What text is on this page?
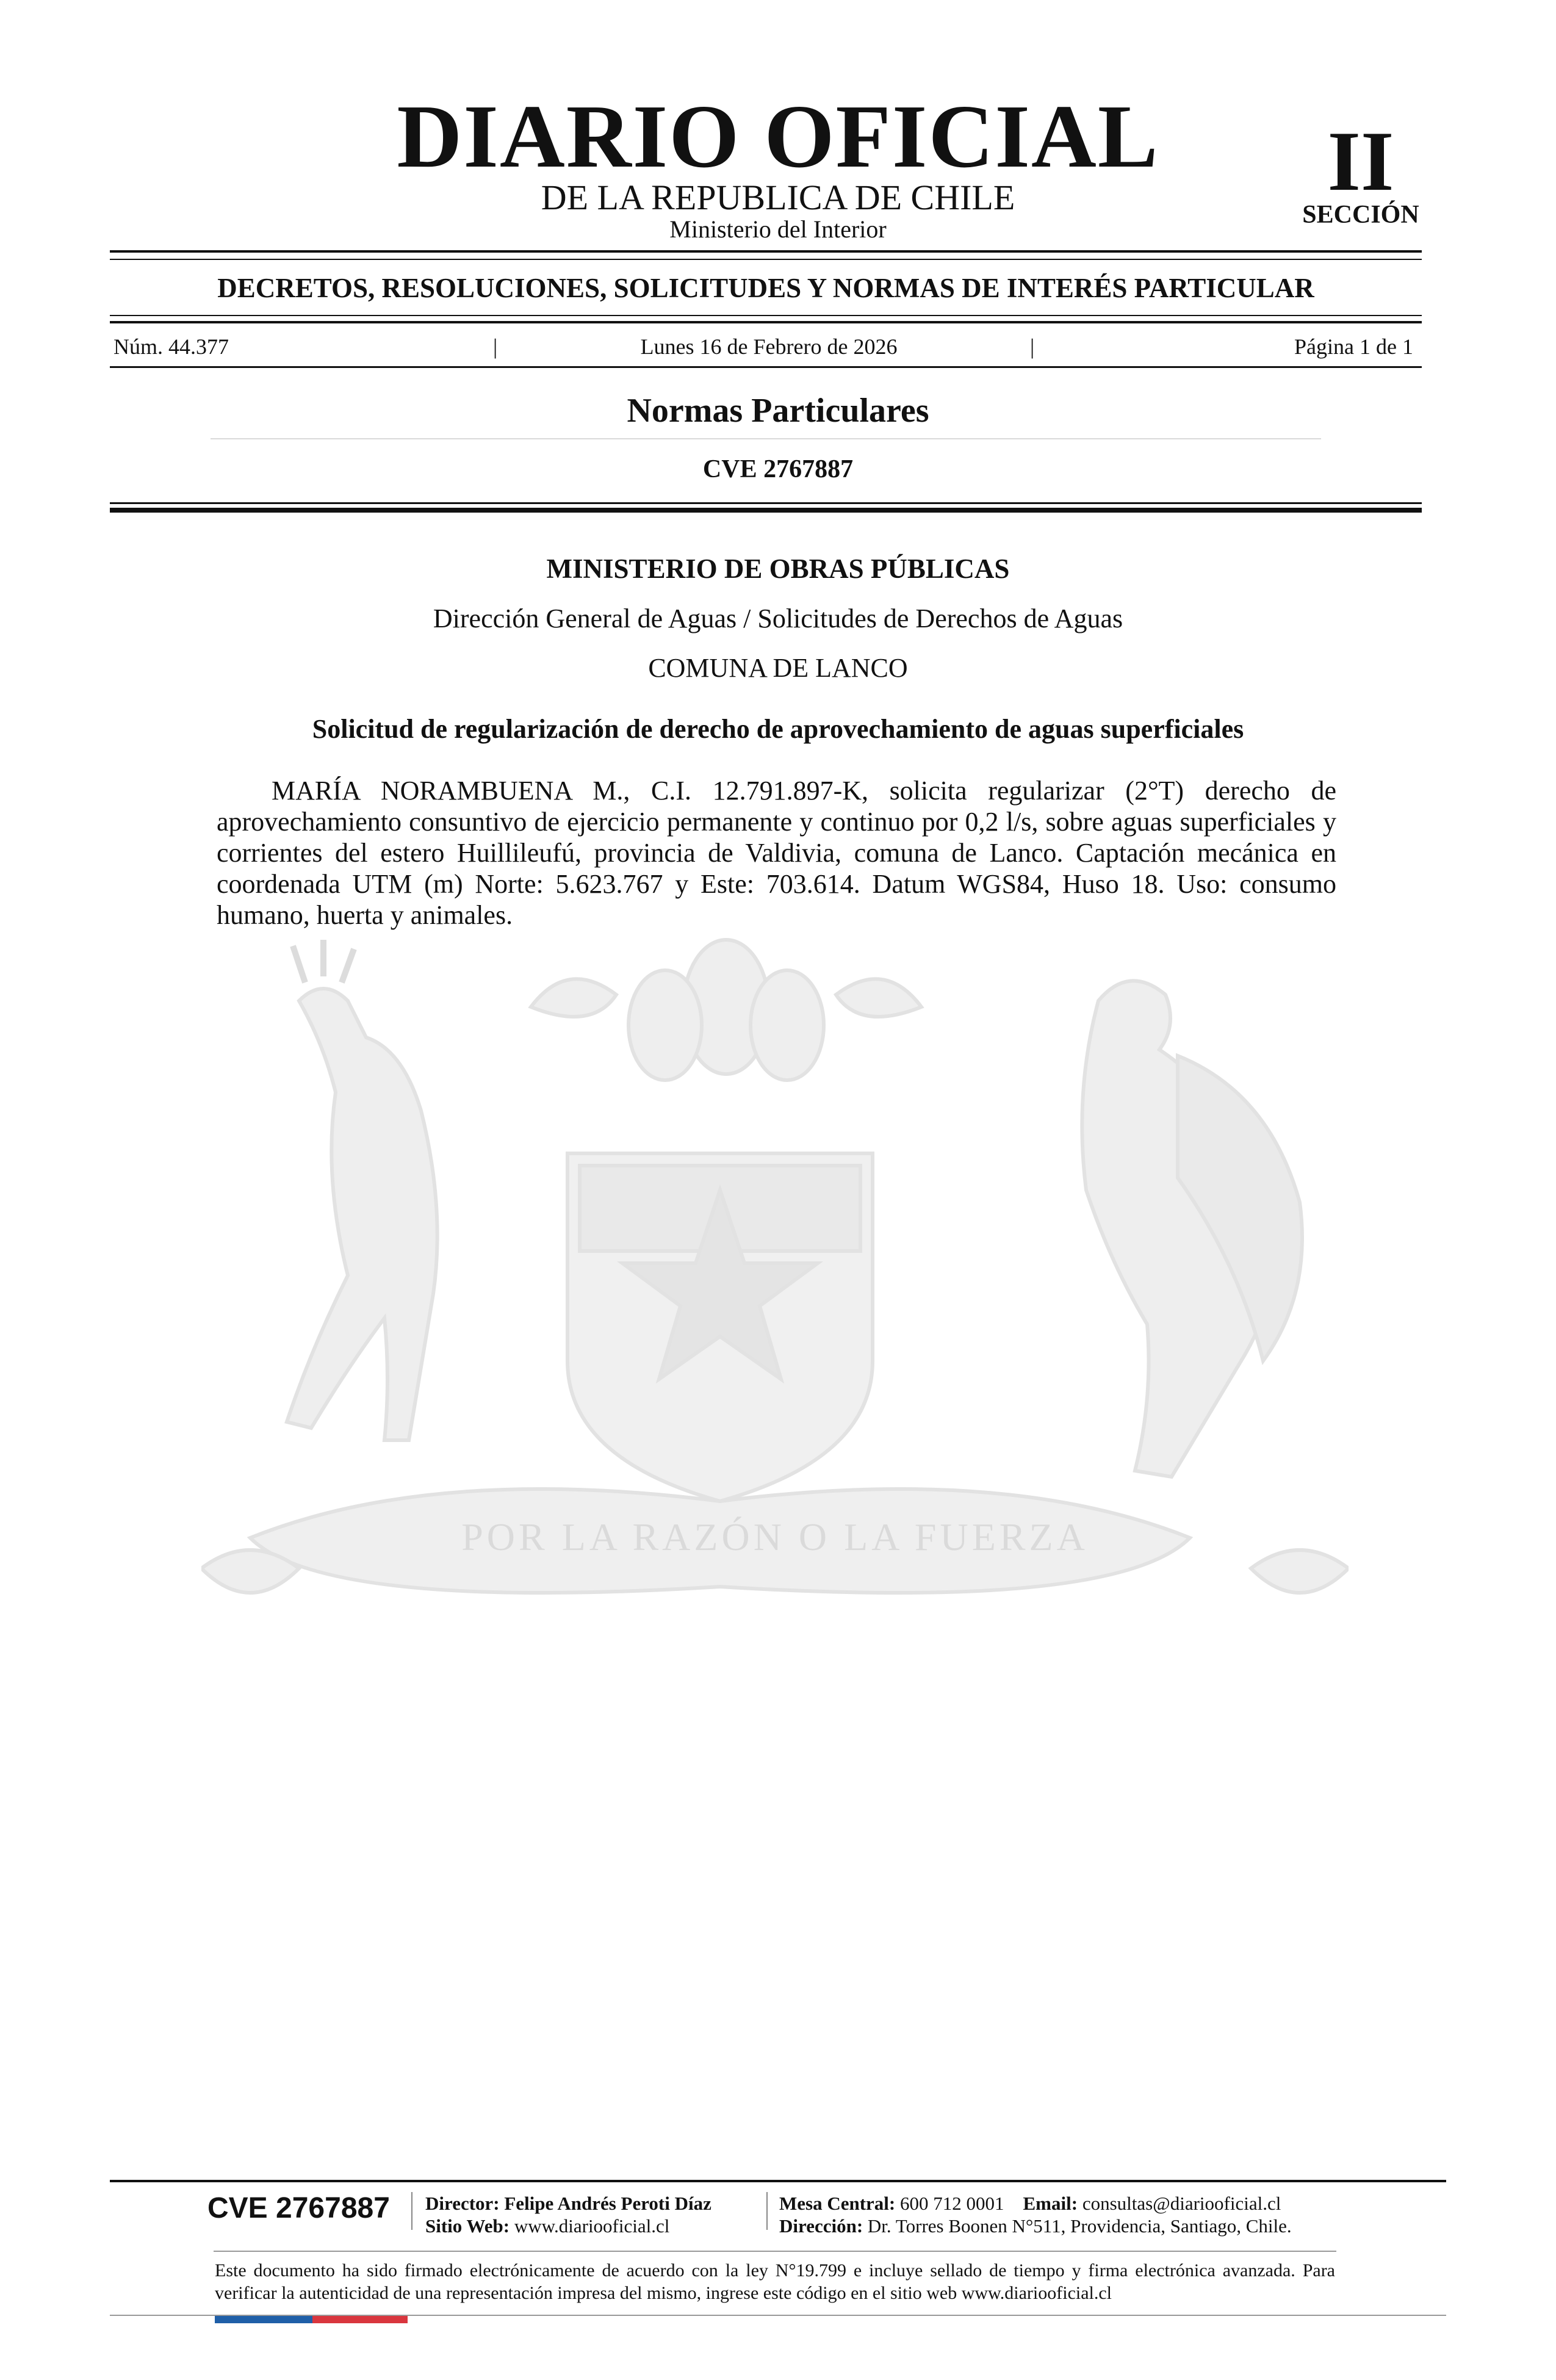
DIARIO OFICIAL
DE LA REPUBLICA DE CHILE
Ministerio del Interior
II
SECCIÓN
DECRETOS, RESOLUCIONES, SOLICITUDES Y NORMAS DE INTERÉS PARTICULAR
Núm. 44.377	|	Lunes 16 de Febrero de 2026	|	Página 1 de 1
Normas Particulares
CVE 2767887
POR LA RAZÓN O LA FUERZA
MINISTERIO DE OBRAS PÚBLICAS
Dirección General de Aguas / Solicitudes de Derechos de Aguas
COMUNA DE LANCO
Solicitud de regularización de derecho de aprovechamiento de aguas superficiales
MARÍA NORAMBUENA M., C.I. 12.791.897-K, solicita regularizar (2°T) derecho de aprovechamiento consuntivo de ejercicio permanente y continuo por 0,2 l/s, sobre aguas superficiales y corrientes del estero Huillileufú, provincia de Valdivia, comuna de Lanco. Captación mecánica en coordenada UTM (m) Norte: 5.623.767 y Este: 703.614. Datum WGS84, Huso 18. Uso: consumo humano, huerta y animales.
CVE 2767887 Director: Felipe Andrés Peroti Díaz
Sitio Web: www.diariooficial.cl
Mesa Central: 600 712 0001 Email: consultas@diariooficial.cl
Dirección: Dr. Torres Boonen N°511, Providencia, Santiago, Chile.
Este documento ha sido firmado electrónicamente de acuerdo con la ley N°19.799 e incluye sellado de tiempo y firma electrónica avanzada. Para verificar la autenticidad de una representación impresa del mismo, ingrese este código en el sitio web www.diariooficial.cl
